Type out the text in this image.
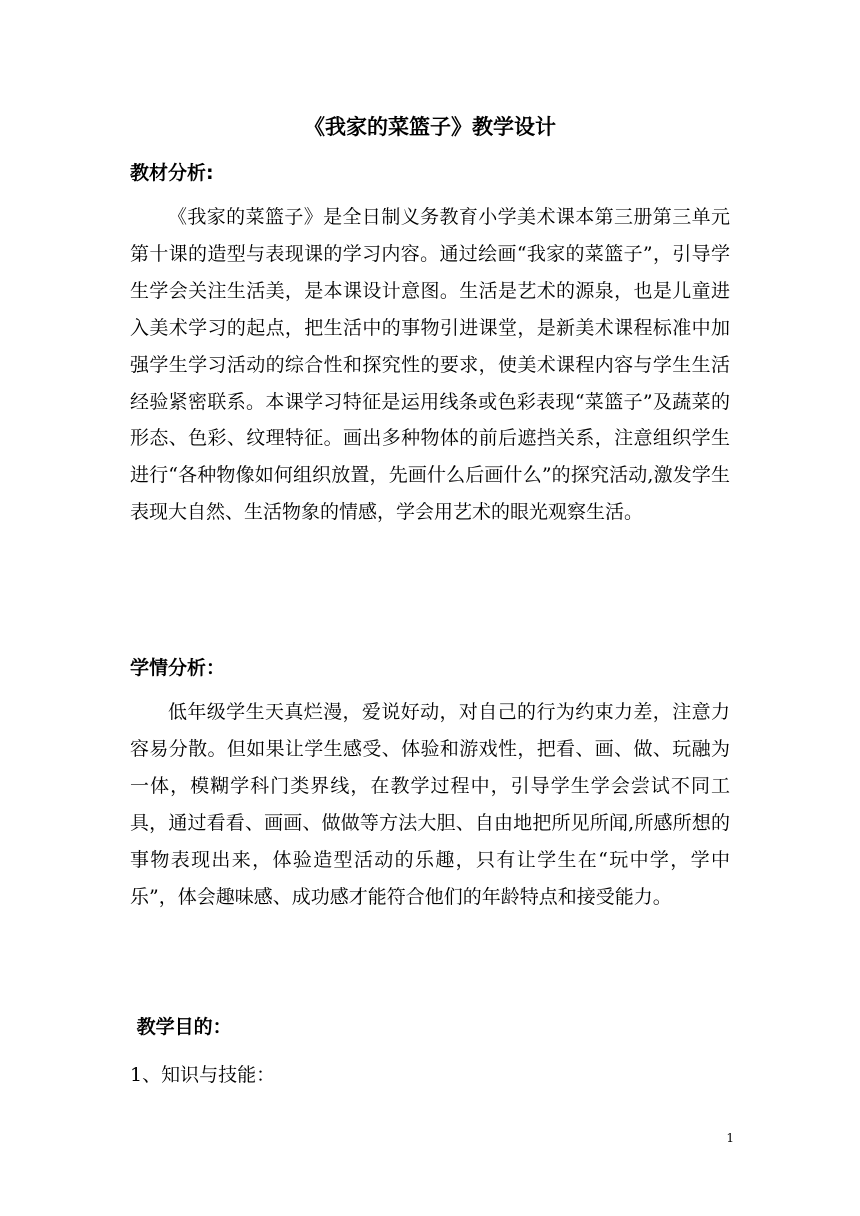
《我家的菜篮子》教学设计
教材分析:

《我家的菜篮子》是全日制义务教育小学美术课本第三册第三单元第十课的造型与表现课的学习内容。通过绘画“我家的菜篮子”，引导学生学会关注生活美，是本课设计意图。生活是艺术的源泉，也是儿童进入美术学习的起点，把生活中的事物引进课堂，是新美术课程标准中加强学生学习活动的综合性和探究性的要求，使美术课程内容与学生生活经验紧密联系。本课学习特征是运用线条或色彩表现“菜篮子”及蔬菜的形态、色彩、纹理特征。画出多种物体的前后遮挡关系，注意组织学生进行“各种物像如何组织放置，先画什么后画什么”的探究活动,激发学生表现大自然、生活物象的情感，学会用艺术的眼光观察生活。

学情分析：

低年级学生天真烂漫，爱说好动，对自己的行为约束力差，注意力容易分散。但如果让学生感受、体验和游戏性，把看、画、做、玩融为一体，模糊学科门类界线，在教学过程中，引导学生学会尝试不同工具，通过看看、画画、做做等方法大胆、自由地把所见所闻,所感所想的事物表现出来，体验造型活动的乐趣，只有让学生在“玩中学，学中乐”，体会趣味感、成功感才能符合他们的年龄特点和接受能力。

教学目的：
1、知识与技能：
1
